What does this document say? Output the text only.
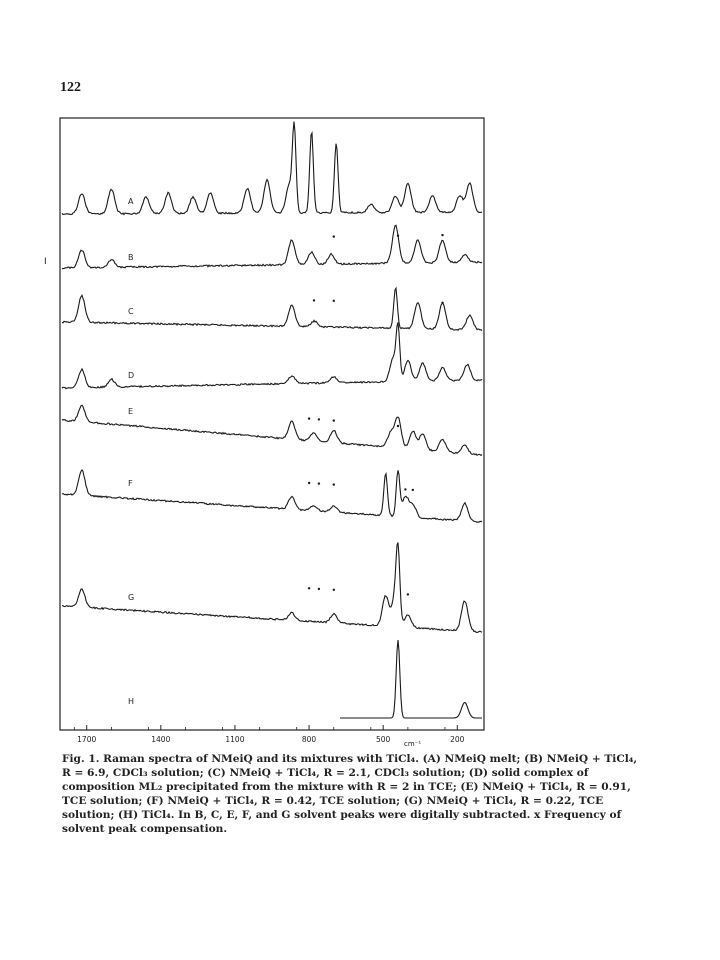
122
I
A
B
C
D
E
F
G
H
1700	1400	1100	800	500	200
cm⁻¹

Fig. 1. Raman spectra of NMeiQ and its mixtures with TiCl₄. (A) NMeiQ melt; (B) NMeiQ + TiCl₄, R = 6.9, CDCl₃ solution; (C) NMeiQ + TiCl₄, R = 2.1, CDCl₃ solution; (D) solid complex of composition ML₂ precipitated from the mixture with R = 2 in TCE; (E) NMeiQ + TiCl₄, R = 0.91, TCE solution; (F) NMeiQ + TiCl₄, R = 0.42, TCE solution; (G) NMeiQ + TiCl₄, R = 0.22, TCE solution; (H) TiCl₄. In B, C, E, F, and G solvent peaks were digitally subtracted. x Frequency of solvent peak compensation.
